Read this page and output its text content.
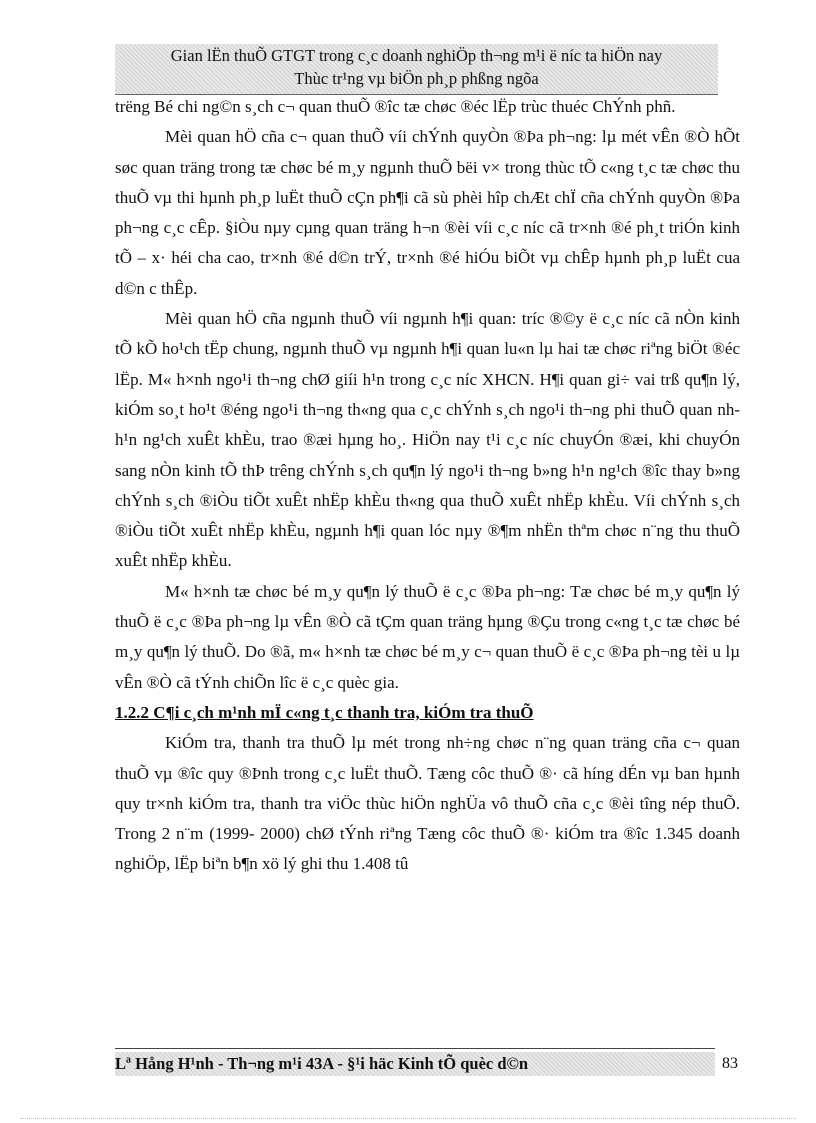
Gian lËn thuÕ GTGT trong c¸c doanh nghiÖp th¬ng m¹i ë níc ta hiÖn nay
Thùc tr¹ng vµ biÖn ph¸p phßng ngõa

trëng Bé chi ng©n s¸ch c¬ quan thuÕ ®îc tæ chøc ®éc lËp trùc thuéc ChÝnh phñ.

Mèi quan hÖ cña c¬ quan thuÕ víi chÝnh quyÒn ®Þa ph¬ng: lµ mét vÊn ®Ò hÕt søc quan träng trong tæ chøc bé m¸y ngµnh thuÕ bëi v× trong thùc tÕ c«ng t¸c tæ chøc thu thuÕ vµ thi hµnh ph¸p luËt thuÕ cÇn ph¶i cã sù phèi hîp chÆt chÏ cña chÝnh quyÒn ®Þa ph¬ng c¸c cÊp. §iÒu nµy cµng quan träng h¬n ®èi víi c¸c níc cã tr×nh ®é ph¸t triÓn kinh tÕ – x· héi cha cao, tr×nh ®é d©n trÝ, tr×nh ®é hiÓu biÕt vµ chÊp hµnh ph¸p luËt cua d©n c thÊp.

Mèi quan hÖ cña ngµnh thuÕ víi ngµnh h¶i quan: tríc ®©y ë c¸c níc cã nÒn kinh tÕ kÕ ho¹ch tËp chung, ngµnh thuÕ vµ ngµnh h¶i quan lu«n lµ hai tæ chøc riªng biÖt ®éc lËp. M« h×nh ngo¹i th¬ng chØ giíi h¹n trong c¸c níc XHCN. H¶i quan gi÷ vai trß qu¶n lý, kiÓm so¸t ho¹t ®éng ngo¹i th¬ng th«ng qua c¸c chÝnh s¸ch ngo¹i th¬ng phi thuÕ quan nh h¹n ng¹ch xuÊt khÈu, trao ®æi hµng ho¸. HiÖn nay t¹i c¸c níc chuyÓn ®æi, khi chuyÓn sang nÒn kinh tÕ thÞ trêng chÝnh s¸ch qu¶n lý ngo¹i th¬ng b»ng h¹n ng¹ch ®îc thay b»ng chÝnh s¸ch ®iÒu tiÕt xuÊt nhËp khÈu th«ng qua thuÕ xuÊt nhËp khÈu. Víi chÝnh s¸ch ®iÒu tiÕt xuÊt nhËp khÈu, ngµnh h¶i quan lóc nµy ®¶m nhËn thªm chøc n¨ng thu thuÕ xuÊt nhËp khÈu.

M« h×nh tæ chøc bé m¸y qu¶n lý thuÕ ë c¸c ®Þa ph¬ng: Tæ chøc bé m¸y qu¶n lý thuÕ ë c¸c ®Þa ph¬ng lµ vÊn ®Ò cã tÇm quan träng hµng ®Çu trong c«ng t¸c tæ chøc bé m¸y qu¶n lý thuÕ. Do ®ã, m« h×nh tæ chøc bé m¸y c¬ quan thuÕ ë c¸c ®Þa ph¬ng tèi u lµ vÊn ®Ò cã tÝnh chiÕn lîc ë c¸c quèc gia.

1.2.2 C¶i c¸ch m¹nh mÏ c«ng t¸c thanh tra, kiÓm tra thuÕ

KiÓm tra, thanh tra thuÕ lµ mét trong nh÷ng chøc n¨ng quan träng cña c¬ quan thuÕ vµ ®îc quy ®Þnh trong c¸c luËt thuÕ. Tæng côc thuÕ ®· cã híng dÉn vµ ban hµnh quy tr×nh kiÓm tra, thanh tra viÖc thùc hiÖn nghÜa vô thuÕ cña c¸c ®èi tîng nép thuÕ. Trong 2 n¨m (1999- 2000) chØ tÝnh riªng Tæng côc thuÕ ®· kiÓm tra ®îc 1.345 doanh nghiÖp, lËp biªn b¶n xö lý ghi thu 1.408 tû

Lª Hång H¹nh - Th¬ng m¹i 43A - §¹i häc Kinh tÕ quèc d©n	83
